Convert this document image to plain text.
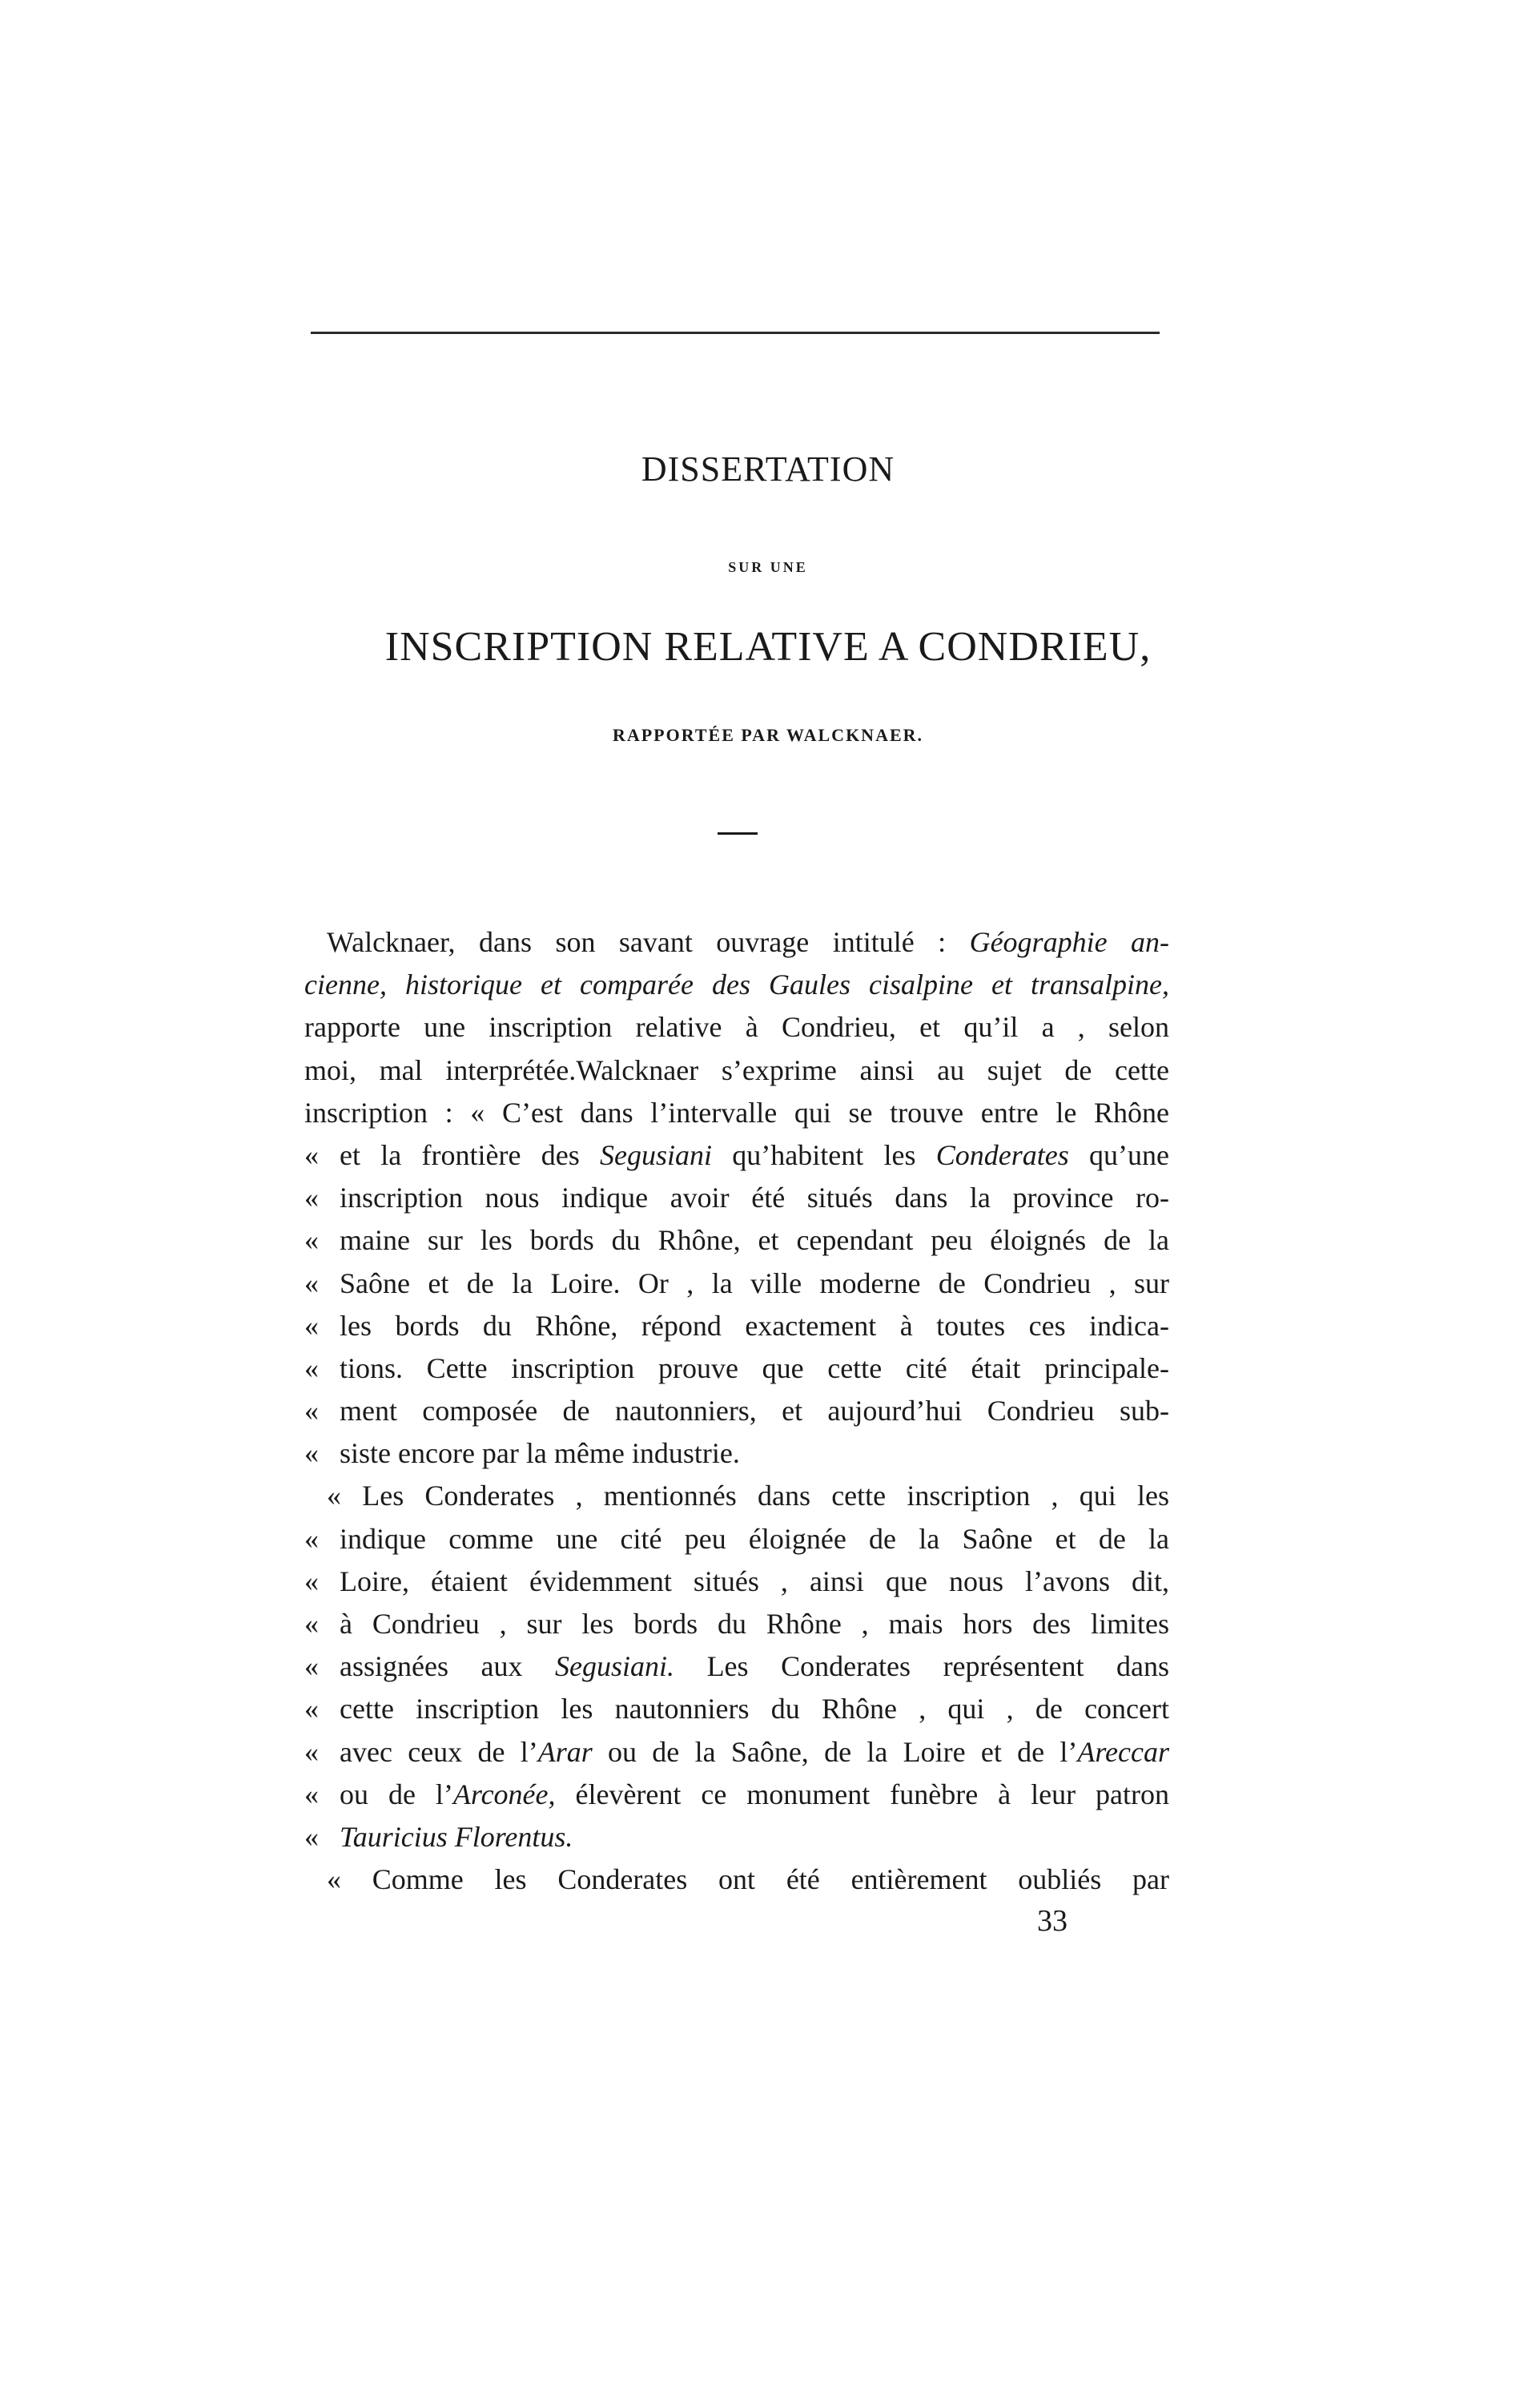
DISSERTATION
SUR UNE
INSCRIPTION RELATIVE A CONDRIEU,
RAPPORTÉE PAR WALCKNAER.
Walcknaer, dans son savant ouvrage intitulé : Géographie an-
cienne, historique et comparée des Gaules cisalpine et transalpine,
rapporte une inscription relative à Condrieu, et qu’il a , selon
moi, mal interprétée.Walcknaer s’exprime ainsi au sujet de cette
inscription : « C’est dans l’intervalle qui se trouve entre le Rhône
« et la frontière des Segusiani qu’habitent les Conderates qu’une
« inscription nous indique avoir été situés dans la province ro-
« maine sur les bords du Rhône, et cependant peu éloignés de la
« Saône et de la Loire. Or , la ville moderne de Condrieu , sur
« les bords du Rhône, répond exactement à toutes ces indica-
« tions. Cette inscription prouve que cette cité était principale-
« ment composée de nautonniers, et aujourd’hui Condrieu sub-
« siste encore par la même industrie.
« Les Conderates , mentionnés dans cette inscription , qui les
« indique comme une cité peu éloignée de la Saône et de la
« Loire, étaient évidemment situés , ainsi que nous l’avons dit,
« à Condrieu , sur les bords du Rhône , mais hors des limites
« assignées aux Segusiani. Les Conderates représentent dans
« cette inscription les nautonniers du Rhône , qui , de concert
« avec ceux de l’Arar ou de la Saône, de la Loire et de l’Areccar
« ou de l’Arconée, élevèrent ce monument funèbre à leur patron
« Tauricius Florentus.
« Comme les Conderates ont été entièrement oubliés par
33
